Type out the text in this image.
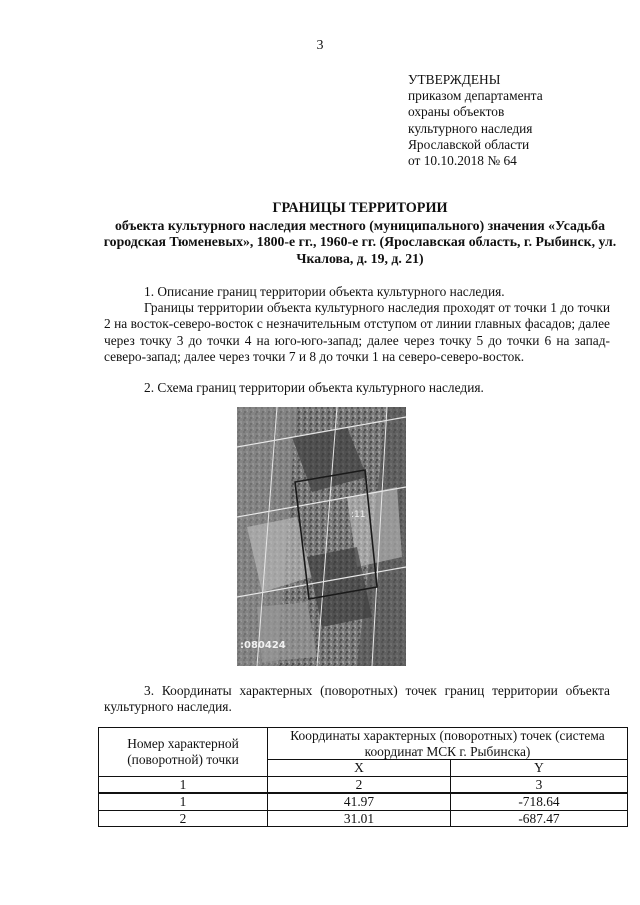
3
УТВЕРЖДЕНЫ
приказом департамента
охраны объектов
культурного наследия
Ярославской области
от 10.10.2018 № 64
ГРАНИЦЫ ТЕРРИТОРИИ
объекта культурного наследия местного (муниципального) значения «Усадьба городская Тюменевых», 1800-е гг., 1960-е гг. (Ярославская область, г. Рыбинск, ул. Чкалова, д. 19, д. 21)
1. Описание границ территории объекта культурного наследия.
Границы территории объекта культурного наследия проходят от точки 1 до точки 2 на восток-северо-восток с незначительным отступом от линии главных фасадов; далее через точку 3 до точки 4 на юго-юго-запад; далее через точку 5 до точки 6 на запад-северо-запад; далее через точки 7 и 8 до точки 1 на северо-северо-восток.
2. Схема границ территории объекта культурного наследия.
:11
:080424
3. Координаты характерных (поворотных) точек границ территории объекта культурного наследия.
Номер характерной (поворотной) точки	Координаты характерных (поворотных) точек (система координат МСК г. Рыбинска)	
	X	Y
1	2	3
1	41.97	-718.64
2	31.01	-687.47
